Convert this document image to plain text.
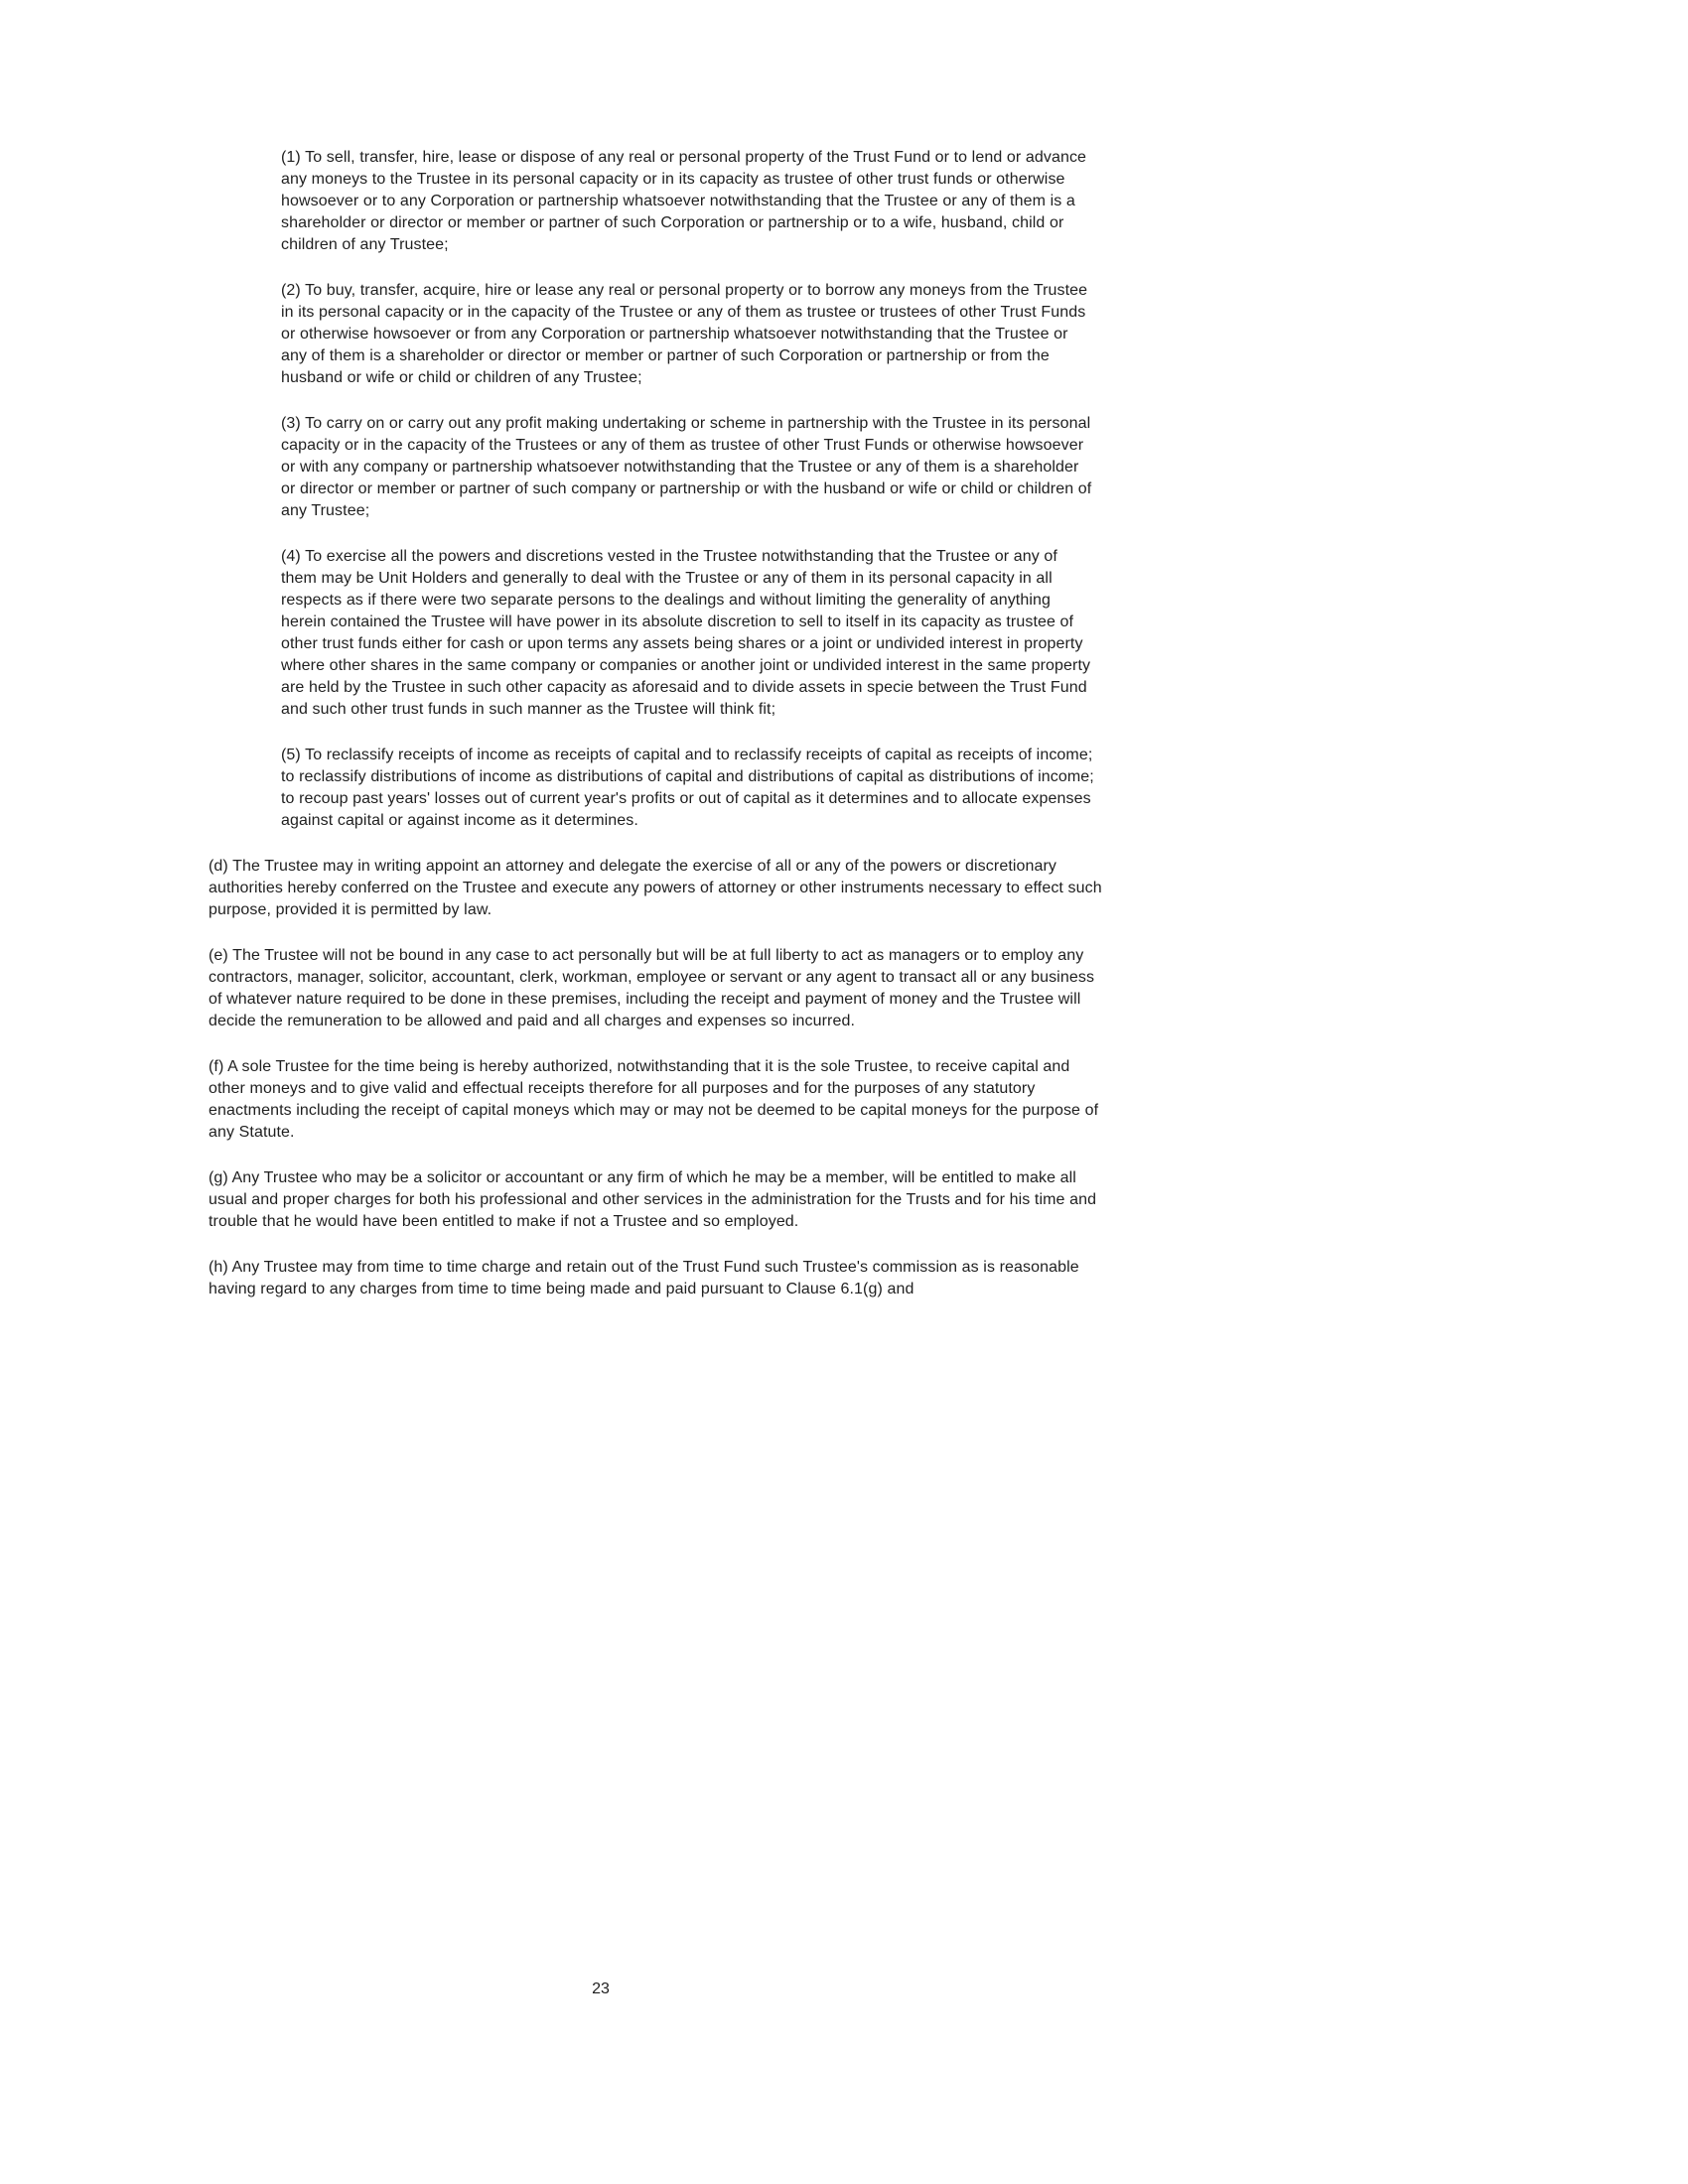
(1) To sell, transfer, hire, lease or dispose of any real or personal property of the Trust Fund or to lend or advance any moneys to the Trustee in its personal capacity or in its capacity as trustee of other trust funds or otherwise howsoever or to any Corporation or partnership whatsoever notwithstanding that the Trustee or any of them is a shareholder or director or member or partner of such Corporation or partnership or to a wife, husband, child or children of any Trustee;

(2) To buy, transfer, acquire, hire or lease any real or personal property or to borrow any moneys from the Trustee in its personal capacity or in the capacity of the Trustee or any of them as trustee or trustees of other Trust Funds or otherwise howsoever or from any Corporation or partnership whatsoever notwithstanding that the Trustee or any of them is a shareholder or director or member or partner of such Corporation or partnership or from the husband or wife or child or children of any Trustee;

(3) To carry on or carry out any profit making undertaking or scheme in partnership with the Trustee in its personal capacity or in the capacity of the Trustees or any of them as trustee of other Trust Funds or otherwise howsoever or with any company or partnership whatsoever notwithstanding that the Trustee or any of them is a shareholder or director or member or partner of such company or partnership or with the husband or wife or child or children of any Trustee;

(4) To exercise all the powers and discretions vested in the Trustee notwithstanding that the Trustee or any of them may be Unit Holders and generally to deal with the Trustee or any of them in its personal capacity in all respects as if there were two separate persons to the dealings and without limiting the generality of anything herein contained the Trustee will have power in its absolute discretion to sell to itself in its capacity as trustee of other trust funds either for cash or upon terms any assets being shares or a joint or undivided interest in property where other shares in the same company or companies or another joint or undivided interest in the same property are held by the Trustee in such other capacity as aforesaid and to divide assets in specie between the Trust Fund and such other trust funds in such manner as the Trustee will think fit;

(5) To reclassify receipts of income as receipts of capital and to reclassify receipts of capital as receipts of income; to reclassify distributions of income as distributions of capital and distributions of capital as distributions of income; to recoup past years' losses out of current year's profits or out of capital as it determines and to allocate expenses against capital or against income as it determines.

(d) The Trustee may in writing appoint an attorney and delegate the exercise of all or any of the powers or discretionary authorities hereby conferred on the Trustee and execute any powers of attorney or other instruments necessary to effect such purpose, provided it is permitted by law.

(e) The Trustee will not be bound in any case to act personally but will be at full liberty to act as managers or to employ any contractors, manager, solicitor, accountant, clerk, workman, employee or servant or any agent to transact all or any business of whatever nature required to be done in these premises, including the receipt and payment of money and the Trustee will decide the remuneration to be allowed and paid and all charges and expenses so incurred.

(f) A sole Trustee for the time being is hereby authorized, notwithstanding that it is the sole Trustee, to receive capital and other moneys and to give valid and effectual receipts therefore for all purposes and for the purposes of any statutory enactments including the receipt of capital moneys which may or may not be deemed to be capital moneys for the purpose of any Statute.

(g) Any Trustee who may be a solicitor or accountant or any firm of which he may be a member, will be entitled to make all usual and proper charges for both his professional and other services in the administration for the Trusts and for his time and trouble that he would have been entitled to make if not a Trustee and so employed.

(h) Any Trustee may from time to time charge and retain out of the Trust Fund such Trustee's commission as is reasonable having regard to any charges from time to time being made and paid pursuant to Clause 6.1(g) and

23
